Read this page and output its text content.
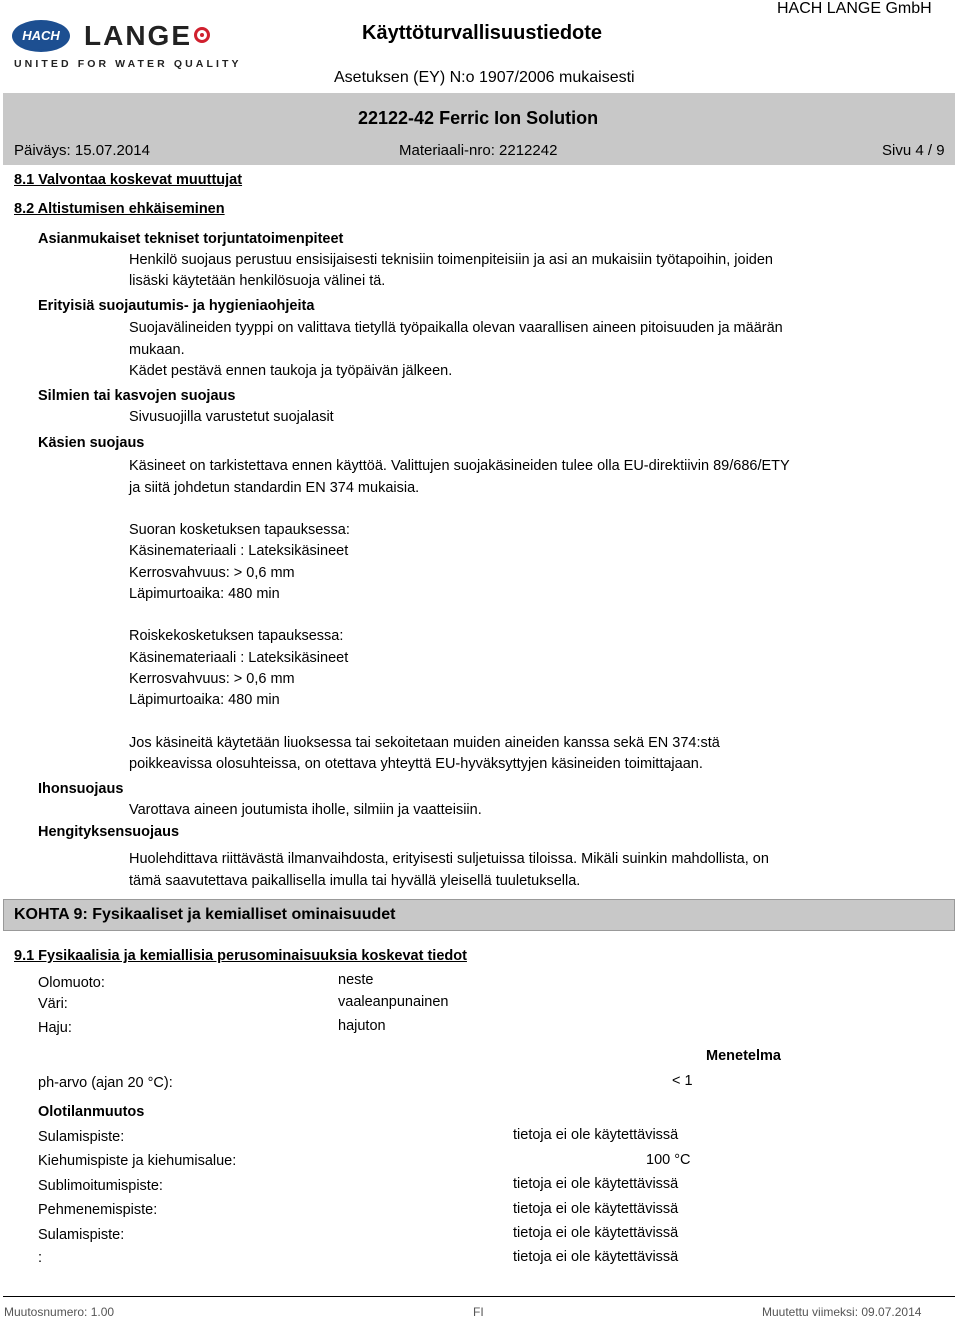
HACH LANGE
UNITED FOR WATER QUALITY
Käyttöturvallisuustiedote
HACH LANGE GmbH
Asetuksen (EY) N:o 1907/2006 mukaisesti
22122-42 Ferric Ion Solution
Päiväys: 15.07.2014	Materiaali-nro: 2212242	Sivu 4 / 9
8.1 Valvontaa koskevat muuttujat
8.2 Altistumisen ehkäiseminen
Asianmukaiset tekniset torjuntatoimenpiteet
Henkilö suojaus perustuu ensisijaisesti teknisiin toimenpiteisiin ja asi an mukaisiin työtapoihin, joiden
lisäski käytetään henkilösuoja välinei tä.
Erityisiä suojautumis- ja hygieniaohjeita
Suojavälineiden tyyppi on valittava tietyllä työpaikalla olevan vaarallisen aineen pitoisuuden ja määrän
mukaan.
Kädet pestävä ennen taukoja ja työpäivän jälkeen.
Silmien tai kasvojen suojaus
Sivusuojilla varustetut suojalasit
Käsien suojaus
Käsineet on tarkistettava ennen käyttöä. Valittujen suojakäsineiden tulee olla EU-direktiivin 89/686/ETY
ja siitä johdetun standardin EN 374 mukaisia.
Suoran kosketuksen tapauksessa:
Käsinemateriaali : Lateksikäsineet
Kerrosvahvuus: > 0,6 mm
Läpimurtoaika: 480 min
Roiskekosketuksen tapauksessa:
Käsinemateriaali : Lateksikäsineet
Kerrosvahvuus: > 0,6 mm
Läpimurtoaika: 480 min
Jos käsineitä käytetään liuoksessa tai sekoitetaan muiden aineiden kanssa sekä EN 374:stä
poikkeavissa olosuhteissa, on otettava yhteyttä EU-hyväksyttyjen käsineiden toimittajaan.
Ihonsuojaus
Varottava aineen joutumista iholle, silmiin ja vaatteisiin.
Hengityksensuojaus
Huolehdittava riittävästä ilmanvaihdosta, erityisesti suljetuissa tiloissa. Mikäli suinkin mahdollista, on
tämä saavutettava paikallisella imulla tai hyvällä yleisellä tuuletuksella.
KOHTA 9: Fysikaaliset ja kemialliset ominaisuudet
9.1 Fysikaalisia ja kemiallisia perusominaisuuksia koskevat tiedot
Olomuoto:	neste
Väri:	vaaleanpunainen
Haju:	hajuton
Menetelma
ph-arvo (ajan 20 °C):	< 1
Olotilanmuutos
Sulamispiste:	tietoja ei ole käytettävissä
Kiehumispiste ja kiehumisalue:	100 °C
Sublimoitumispiste:	tietoja ei ole käytettävissä
Pehmenemispiste:	tietoja ei ole käytettävissä
Sulamispiste:	tietoja ei ole käytettävissä
:	tietoja ei ole käytettävissä
Muutosnumero: 1.00	FI	Muutettu viimeksi: 09.07.2014
